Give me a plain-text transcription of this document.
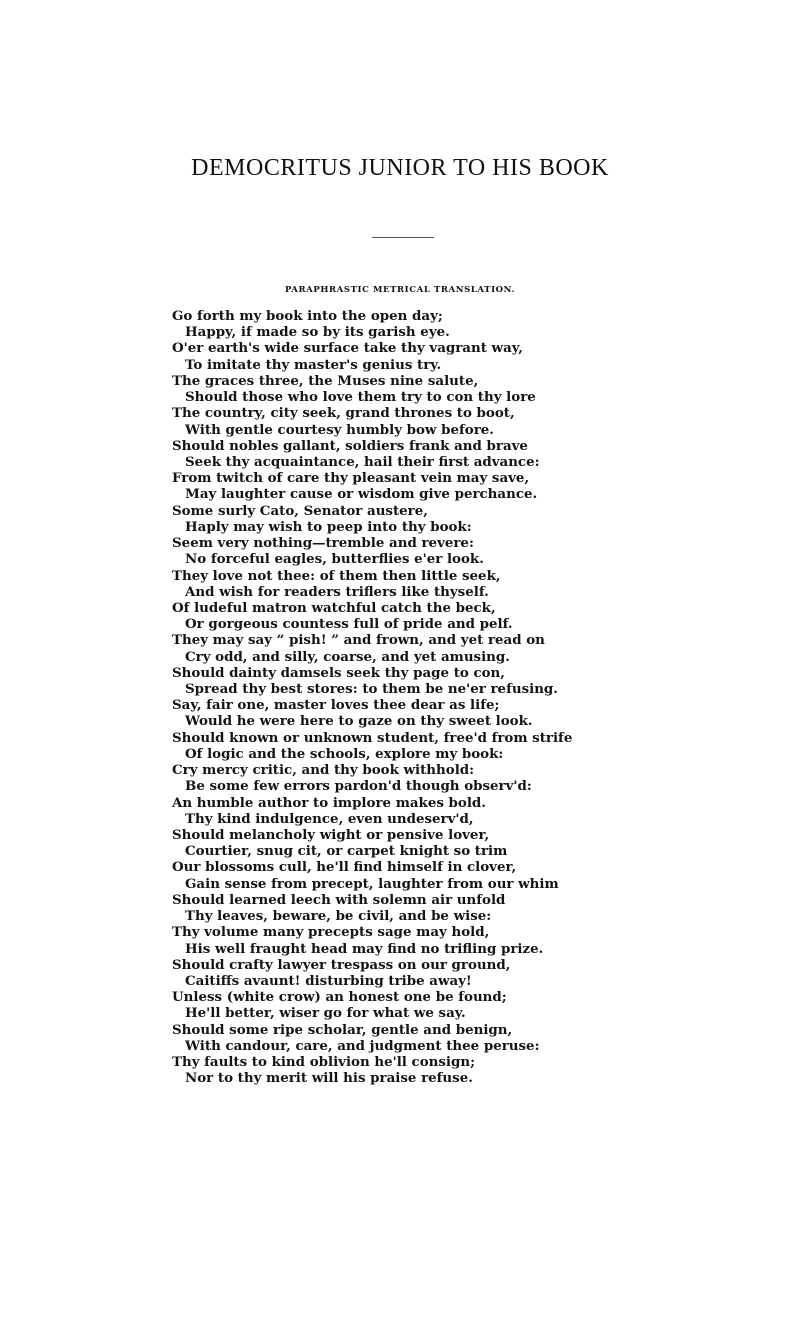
DEMOCRITUS JUNIOR TO HIS BOOK
PARAPHRASTIC METRICAL TRANSLATION.
Go forth my book into the open day;
Happy, if made so by its garish eye.
O'er earth's wide surface take thy vagrant way,
To imitate thy master's genius try.
The graces three, the Muses nine salute,
Should those who love them try to con thy lore
The country, city seek, grand thrones to boot,
With gentle courtesy humbly bow before.
Should nobles gallant, soldiers frank and brave
Seek thy acquaintance, hail their first advance:
From twitch of care thy pleasant vein may save,
May laughter cause or wisdom give perchance.
Some surly Cato, Senator austere,
Haply may wish to peep into thy book:
Seem very nothing—tremble and revere:
No forceful eagles, butterflies e'er look.
They love not thee: of them then little seek,
And wish for readers triflers like thyself.
Of ludeful matron watchful catch the beck,
Or gorgeous countess full of pride and pelf.
They may say “ pish! ” and frown, and yet read on
Cry odd, and silly, coarse, and yet amusing.
Should dainty damsels seek thy page to con,
Spread thy best stores: to them be ne'er refusing.
Say, fair one, master loves thee dear as life;
Would he were here to gaze on thy sweet look.
Should known or unknown student, free'd from strife
Of logic and the schools, explore my book:
Cry mercy critic, and thy book withhold:
Be some few errors pardon'd though observ'd:
An humble author to implore makes bold.
Thy kind indulgence, even undeserv'd,
Should melancholy wight or pensive lover,
Courtier, snug cit, or carpet knight so trim
Our blossoms cull, he'll find himself in clover,
Gain sense from precept, laughter from our whim
Should learned leech with solemn air unfold
Thy leaves, beware, be civil, and be wise:
Thy volume many precepts sage may hold,
His well fraught head may find no trifling prize.
Should crafty lawyer trespass on our ground,
Caitiffs avaunt! disturbing tribe away!
Unless (white crow) an honest one be found;
He'll better, wiser go for what we say.
Should some ripe scholar, gentle and benign,
With candour, care, and judgment thee peruse:
Thy faults to kind oblivion he'll consign;
Nor to thy merit will his praise refuse.
